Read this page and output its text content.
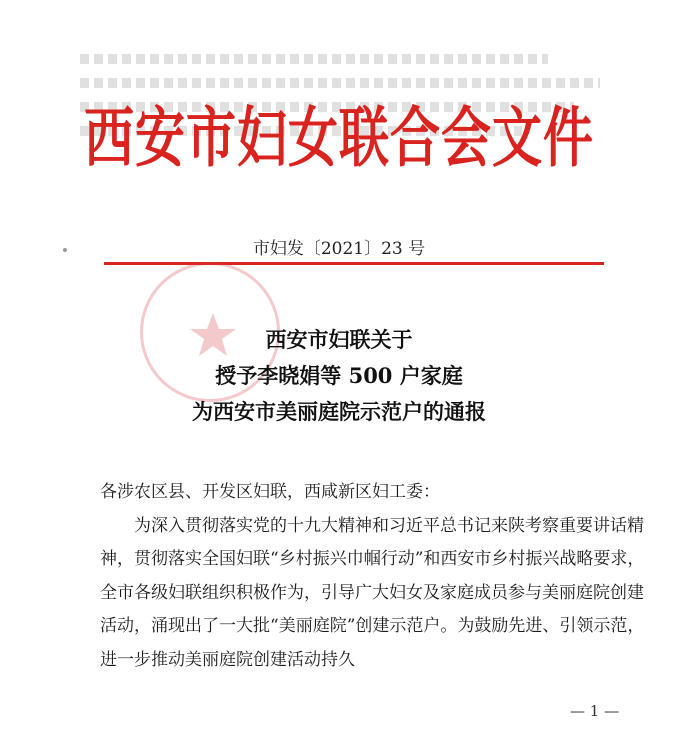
西安市妇女联合会文件
市妇发〔2021〕23 号
西安市妇联关于
授予李晓娟等 500 户家庭
为西安市美丽庭院示范户的通报

各涉农区县、开发区妇联，西咸新区妇工委：

为深入贯彻落实党的十九大精神和习近平总书记来陕考察重要讲话精神，贯彻落实全国妇联“乡村振兴巾帼行动”和西安市乡村振兴战略要求，全市各级妇联组织积极作为，引导广大妇女及家庭成员参与美丽庭院创建活动，涌现出了一大批“美丽庭院”创建示范户。为鼓励先进、引领示范，进一步推动美丽庭院创建活动持久

— 1 —
